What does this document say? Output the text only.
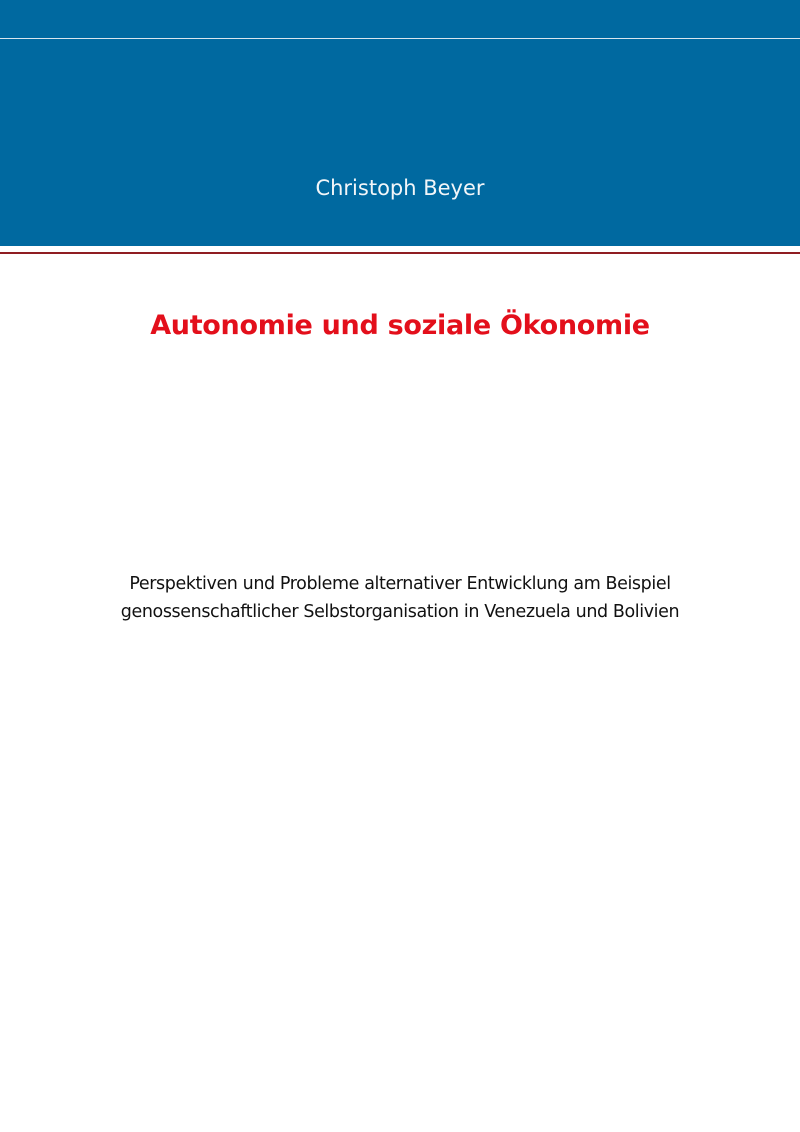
Christoph Beyer
Autonomie und soziale Ökonomie
Perspektiven und Probleme alternativer Entwicklung am Beispiel
genossenschaftlicher Selbstorganisation in Venezuela und Bolivien
